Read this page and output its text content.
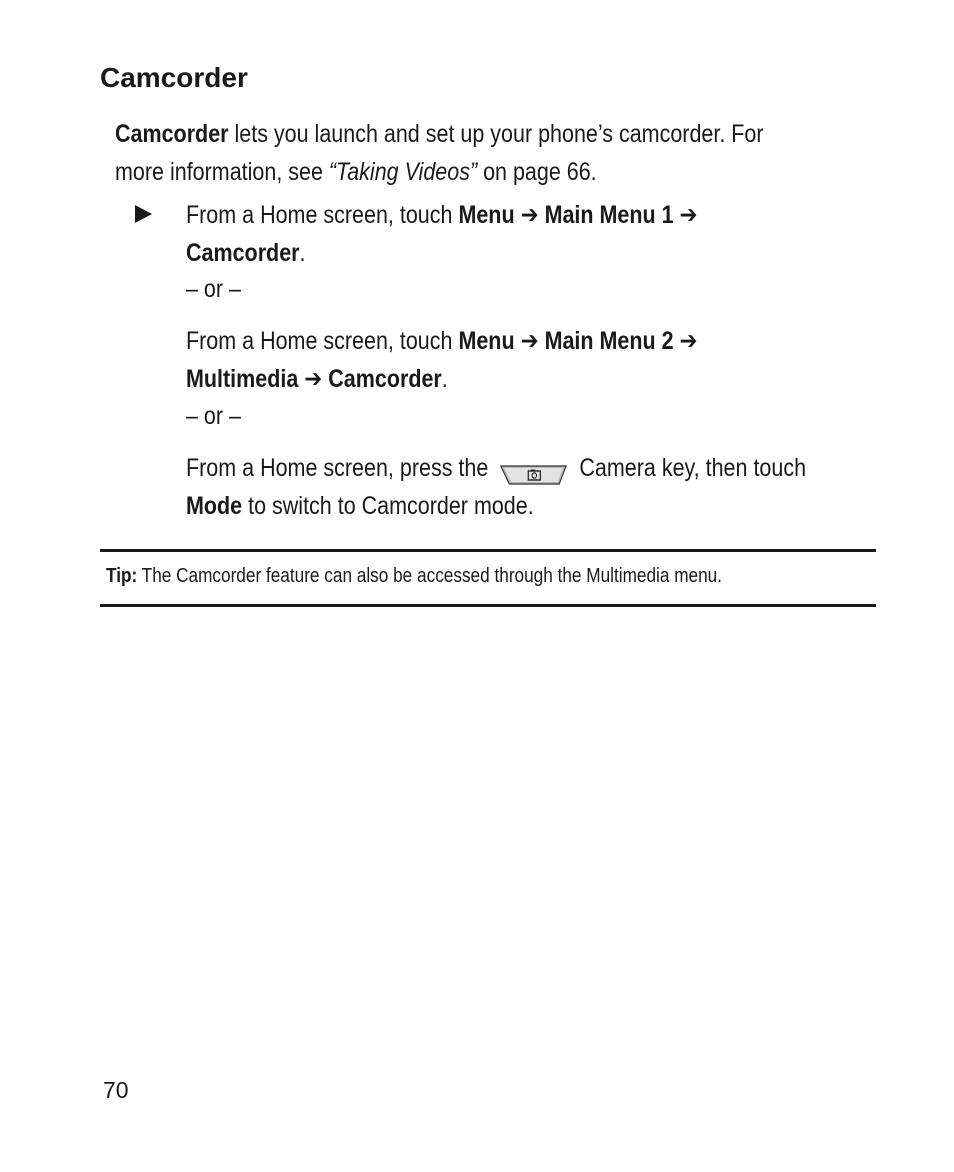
Camcorder
Camcorder lets you launch and set up your phone’s camcorder. For more information, see “Taking Videos” on page 66.
From a Home screen, touch Menu ➔ Main Menu 1 ➔
Camcorder.
– or –
From a Home screen, touch Menu ➔ Main Menu 2 ➔
Multimedia ➔ Camcorder.
– or –
From a Home screen, press the	Camera key, then touch
Mode to switch to Camcorder mode.
Tip: The Camcorder feature can also be accessed through the Multimedia menu.
70
